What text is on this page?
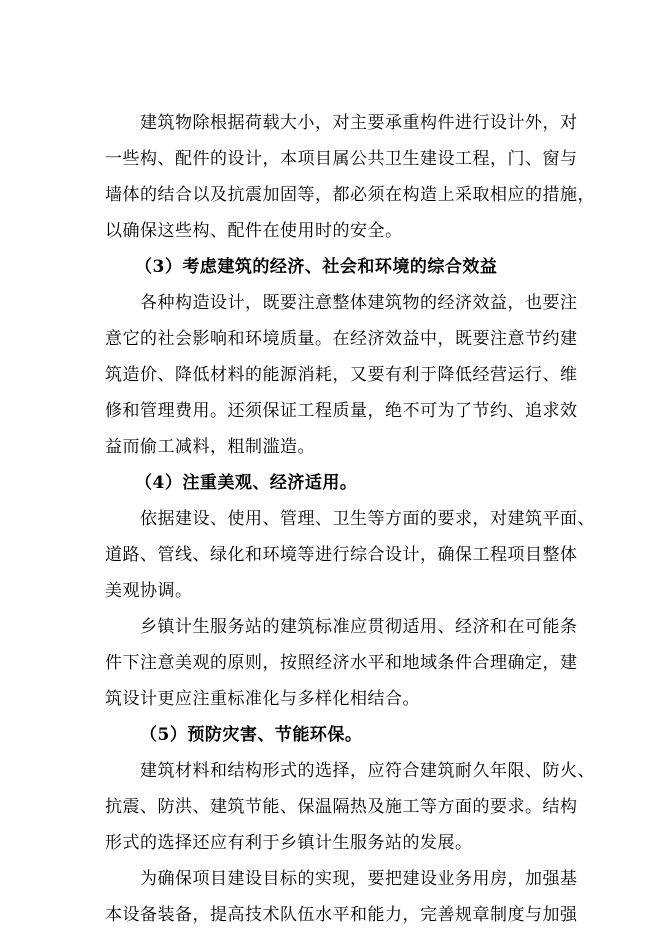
建筑物除根据荷载大小，对主要承重构件进行设计外，对
一些构、配件的设计，本项目属公共卫生建设工程，门、窗与
墙体的结合以及抗震加固等，都必须在构造上采取相应的措施，
以确保这些构、配件在使用时的安全。
（3）考虑建筑的经济、社会和环境的综合效益
各种构造设计，既要注意整体建筑物的经济效益，也要注
意它的社会影响和环境质量。在经济效益中，既要注意节约建
筑造价、降低材料的能源消耗，又要有利于降低经营运行、维
修和管理费用。还须保证工程质量，绝不可为了节约、追求效
益而偷工减料，粗制滥造。
（4）注重美观、经济适用。
依据建设、使用、管理、卫生等方面的要求，对建筑平面、
道路、管线、绿化和环境等进行综合设计，确保工程项目整体
美观协调。
乡镇计生服务站的建筑标准应贯彻适用、经济和在可能条
件下注意美观的原则，按照经济水平和地域条件合理确定，建
筑设计更应注重标准化与多样化相结合。
（5）预防灾害、节能环保。
建筑材料和结构形式的选择，应符合建筑耐久年限、防火、
抗震、防洪、建筑节能、保温隔热及施工等方面的要求。结构
形式的选择还应有利于乡镇计生服务站的发展。
为确保项目建设目标的实现，要把建设业务用房，加强基
本设备装备，提高技术队伍水平和能力，完善规章制度与加强
